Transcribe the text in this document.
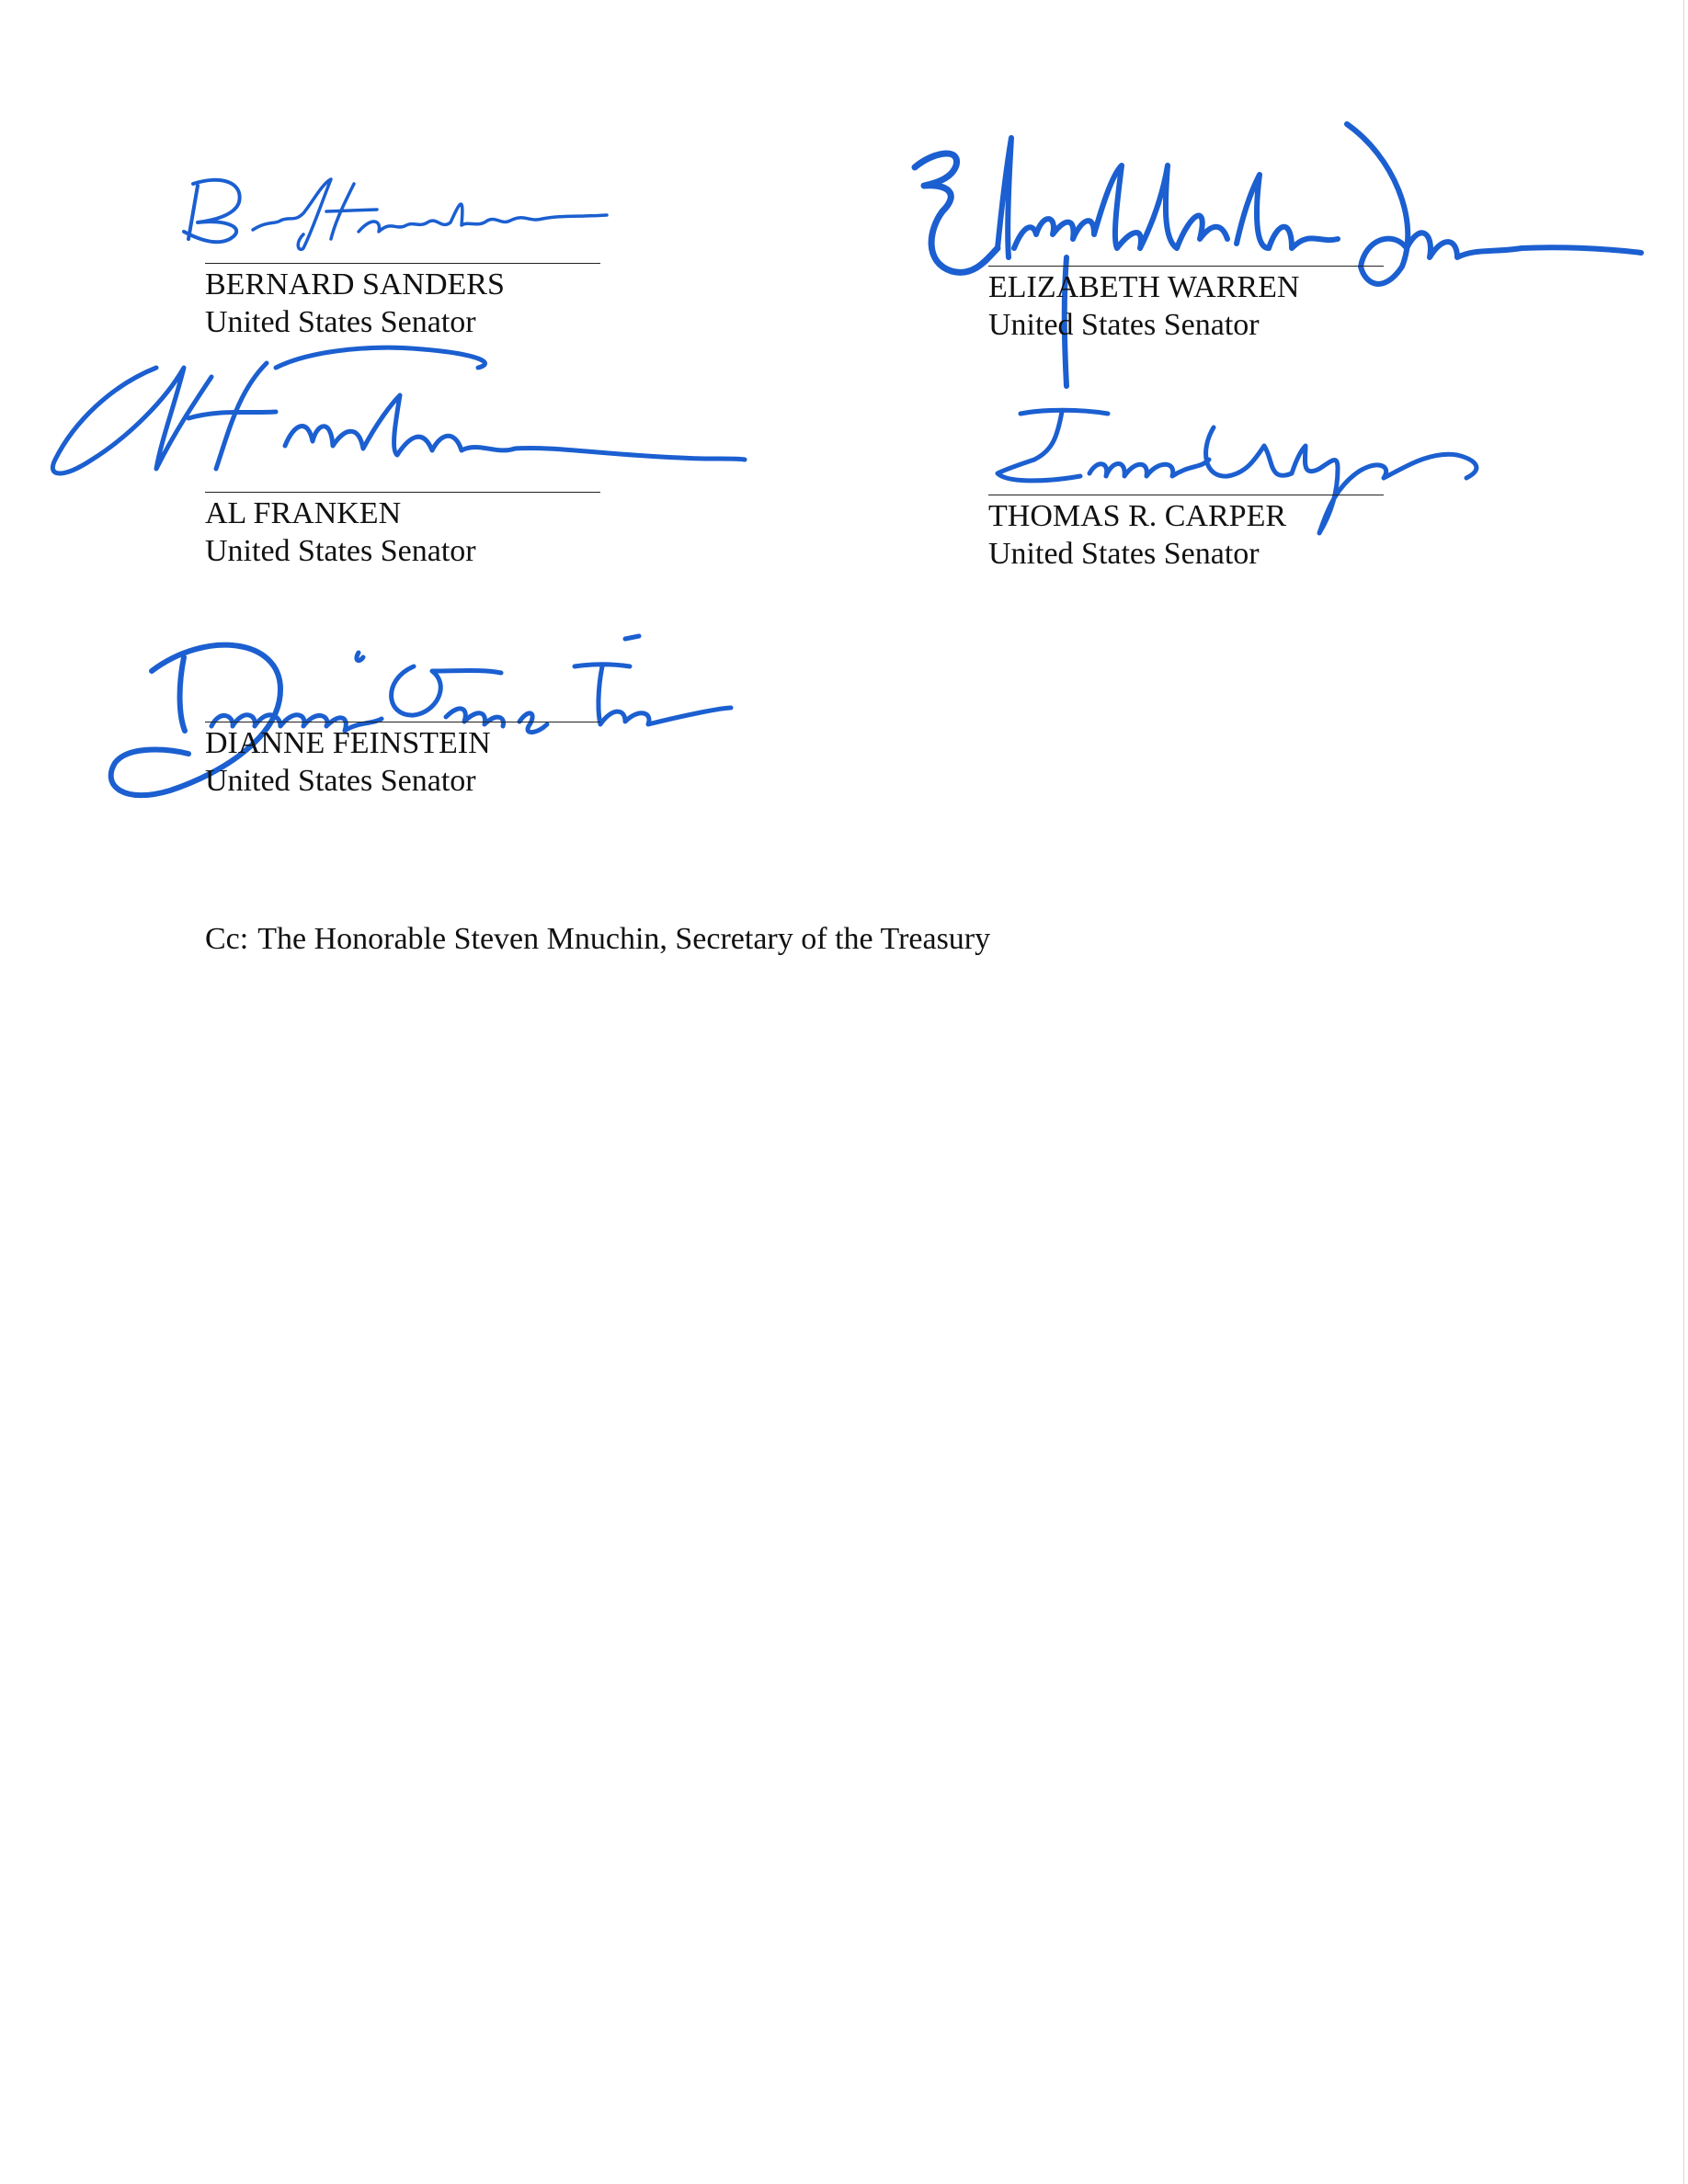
BERNARD SANDERS
United States Senator
ELIZABETH WARREN
United States Senator
AL FRANKEN
United States Senator
THOMAS R. CARPER
United States Senator
DIANNE FEINSTEIN
United States Senator
Cc: The Honorable Steven Mnuchin, Secretary of the Treasury
